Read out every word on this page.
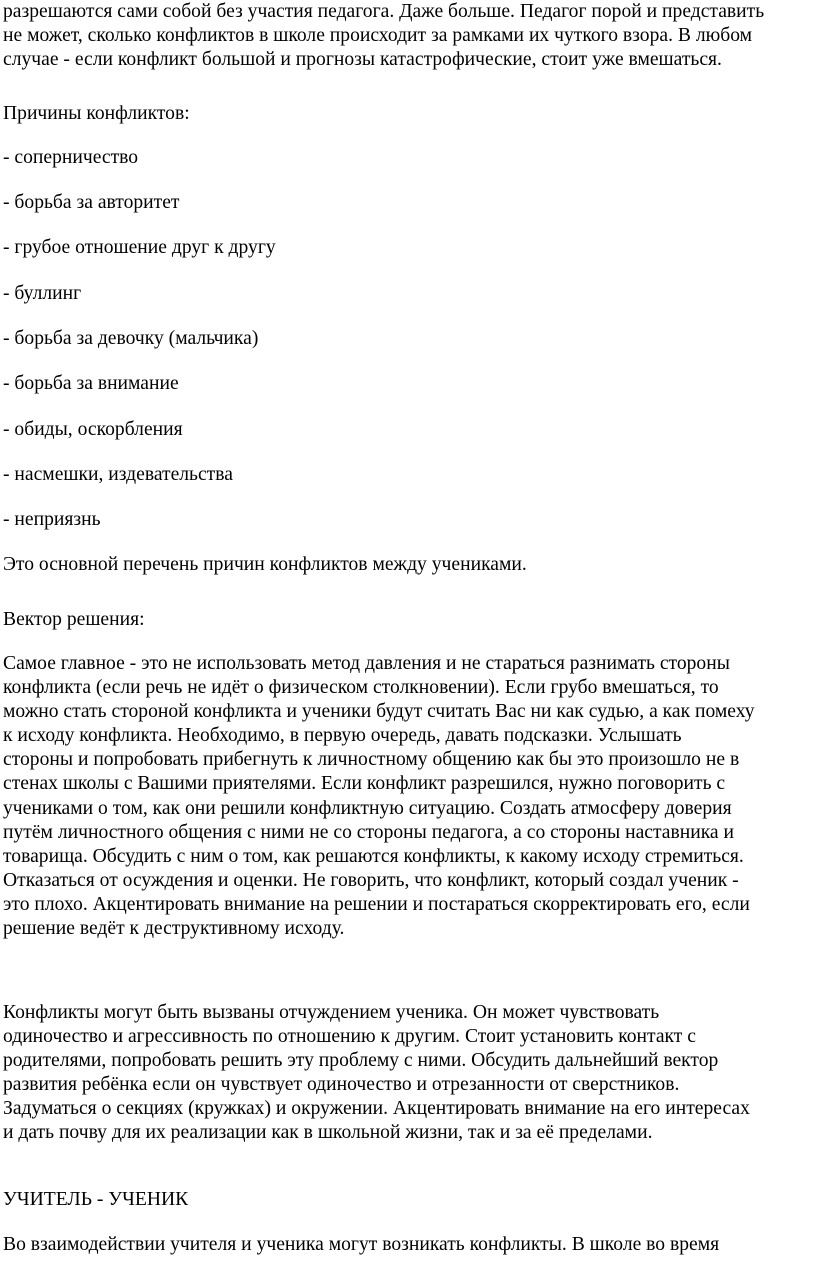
разрешаются сами собой без участия педагога. Даже больше. Педагог порой и представить
не может, сколько конфликтов в школе происходит за рамками их чуткого взора. В любом
случае - если конфликт большой и прогнозы катастрофические, стоит уже вмешаться.

Причины конфликтов:

- соперничество

- борьба за авторитет

- грубое отношение друг к другу

- буллинг

- борьба за девочку (мальчика)

- борьба за внимание

- обиды, оскорбления

- насмешки, издевательства

- неприязнь

Это основной перечень причин конфликтов между учениками.

Вектор решения:

Самое главное - это не использовать метод давления и не стараться разнимать стороны
конфликта (если речь не идёт о физическом столкновении). Если грубо вмешаться, то
можно стать стороной конфликта и ученики будут считать Вас ни как судью, а как помеху
к исходу конфликта. Необходимо, в первую очередь, давать подсказки. Услышать
стороны и попробовать прибегнуть к личностному общению как бы это произошло не в
стенах школы с Вашими приятелями. Если конфликт разрешился, нужно поговорить с
учениками о том, как они решили конфликтную ситуацию. Создать атмосферу доверия
путём личностного общения с ними не со стороны педагога, а со стороны наставника и
товарища. Обсудить с ним о том, как решаются конфликты, к какому исходу стремиться.
Отказаться от осуждения и оценки. Не говорить, что конфликт, который создал ученик -
это плохо. Акцентировать внимание на решении и постараться скорректировать его, если
решение ведёт к деструктивному исходу.

Конфликты могут быть вызваны отчуждением ученика. Он может чувствовать
одиночество и агрессивность по отношению к другим. Стоит установить контакт с
родителями, попробовать решить эту проблему с ними. Обсудить дальнейший вектор
развития ребёнка если он чувствует одиночество и отрезанности от сверстников.
Задуматься о секциях (кружках) и окружении. Акцентировать внимание на его интересах
и дать почву для их реализации как в школьной жизни, так и за её пределами.

УЧИТЕЛЬ - УЧЕНИК

Во взаимодействии учителя и ученика могут возникать конфликты. В школе во время
